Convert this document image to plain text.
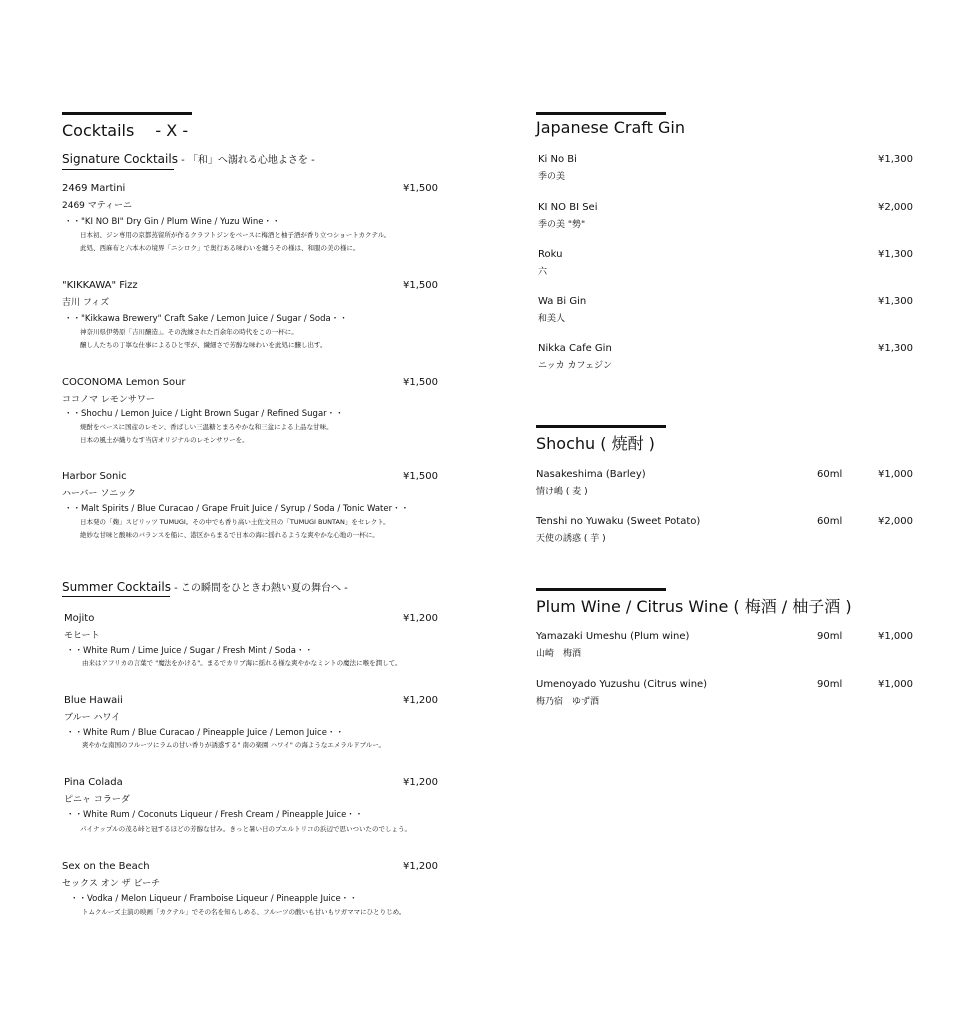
Cocktails　 - X -
Signature Cocktails - 「和」へ溺れる心地よさを -
2469 Martini	¥1,500
2469 マティーニ
・・"KI NO BI" Dry Gin / Plum Wine / Yuzu Wine・・
日本初、ジン専用の京都蒸留所が作るクラフトジンをベースに梅酒と柚子酒が香り立つショートカクテル。
此処、西麻布と六本木の境界「ニシロク」で奥行ある味わいを纏うその様は、和服の美の様に。
"KIKKAWA" Fizz	¥1,500
吉川 フィズ
・・"Kikkawa Brewery" Craft Sake / Lemon Juice / Sugar / Soda・・
神奈川県伊勢原「吉川醸造」。その洗練された百余年の時代をこの一杯に。
醸し人たちの丁寧な仕事によるひと雫が、繊細さで芳醇な味わいを此処に醸し出す。
COCONOMA Lemon Sour	¥1,500
ココノマ レモンサワー
・・Shochu / Lemon Juice / Light Brown Sugar / Refined Sugar・・
焼酎をベースに国産のレモン、香ばしい三温糖とまろやかな和三盆による上品な甘味。
日本の風土が織りなす当店オリジナルのレモンサワーを。
Harbor Sonic	¥1,500
ハーバー ソニック
・・Malt Spirits / Blue Curacao / Grape Fruit Juice / Syrup / Soda / Tonic Water・・
日本発の「麹」スピリッツ TUMUGI。その中でも香り高い土佐文旦の「TUMUGI BUNTAN」をセレクト。
絶妙な甘味と酸味のバランスを船に、港区からまるで日本の海に揺れるような爽やかな心地の一杯に。
Summer Cocktails - この瞬間をひときわ熱い夏の舞台へ -
Mojito	¥1,200
モヒート
・・White Rum / Lime Juice / Sugar / Fresh Mint / Soda・・
由来はアフリカの言葉で "魔法をかける"。まるでカリブ海に揺れる様な爽やかなミントの魔法に喉を潤して。
Blue Hawaii	¥1,200
ブルー ハワイ
・・White Rum / Blue Curacao / Pineapple Juice / Lemon Juice・・
爽やかな南国のフルーツにラムの甘い香りが誘惑する" 南の楽園 ハワイ" の海ようなエメラルドブルー。
Pina Colada	¥1,200
ピニャ コラーダ
・・White Rum / Coconuts Liqueur / Fresh Cream / Pineapple Juice・・
パイナップルの茂る峠と冠するほどの芳醇な甘み。きっと暑い日のプエルトリコの浜辺で思いついたのでしょう。
Sex on the Beach	¥1,200
セックス オン ザ ビーチ
・・Vodka / Melon Liqueur / Framboise Liqueur / Pineapple Juice・・
トムクルーズ主演の映画「カクテル」でその名を知らしめる、フルーツの酸いも甘いもワガママにひとりじめ。
Japanese Craft Gin
Ki No Bi	¥1,300
季の美
KI NO BI Sei	¥2,000
季の美 "勢"
Roku	¥1,300
六
Wa Bi Gin	¥1,300
和美人
Nikka Cafe Gin	¥1,300
ニッカ カフェジン
Shochu ( 焼酎 )
Nasakeshima (Barley)	60ml	¥1,000
情け嶋 ( 麦 )
Tenshi no Yuwaku (Sweet Potato)	60ml	¥2,000
天使の誘惑 ( 芋 )
Plum Wine / Citrus Wine ( 梅酒 / 柚子酒 )
Yamazaki Umeshu (Plum wine)	90ml	¥1,000
山崎　梅酒
Umenoyado Yuzushu (Citrus wine)	90ml	¥1,000
梅乃宿　ゆず酒
